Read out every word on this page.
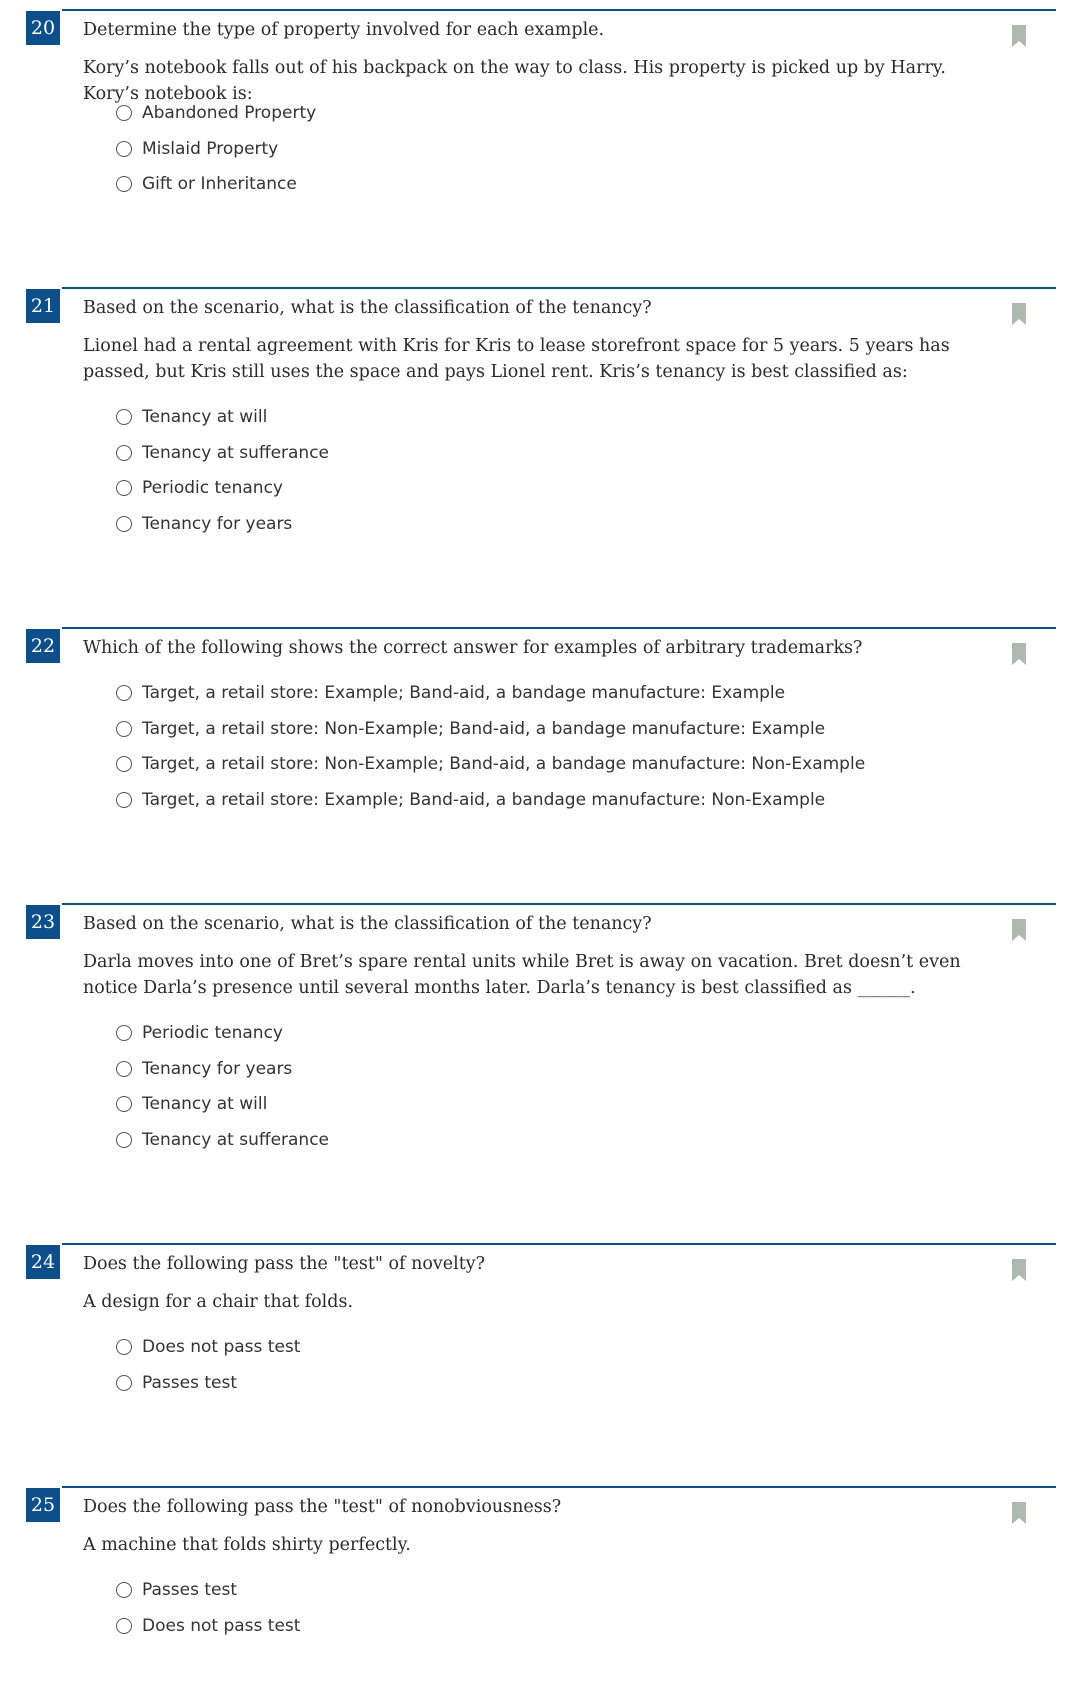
20 Determine the type of property involved for each example.

Kory’s notebook falls out of his backpack on the way to class. His property is picked up by Harry. Kory’s notebook is:

Abandoned Property
Mislaid Property
Gift or Inheritance
21 Based on the scenario, what is the classification of the tenancy?

Lionel had a rental agreement with Kris for Kris to lease storefront space for 5 years. 5 years has passed, but Kris still uses the space and pays Lionel rent. Kris’s tenancy is best classified as:

Tenancy at will
Tenancy at sufferance
Periodic tenancy
Tenancy for years
22 Which of the following shows the correct answer for examples of arbitrary trademarks?

Target, a retail store: Example; Band-aid, a bandage manufacture: Example
Target, a retail store: Non-Example; Band-aid, a bandage manufacture: Example
Target, a retail store: Non-Example; Band-aid, a bandage manufacture: Non-Example
Target, a retail store: Example; Band-aid, a bandage manufacture: Non-Example
23 Based on the scenario, what is the classification of the tenancy?

Darla moves into one of Bret’s spare rental units while Bret is away on vacation. Bret doesn’t even notice Darla’s presence until several months later. Darla’s tenancy is best classified as ______.

Periodic tenancy
Tenancy for years
Tenancy at will
Tenancy at sufferance
24 Does the following pass the "test" of novelty?

A design for a chair that folds.

Does not pass test
Passes test
25 Does the following pass the "test" of nonobviousness?

A machine that folds shirty perfectly.

Passes test
Does not pass test
